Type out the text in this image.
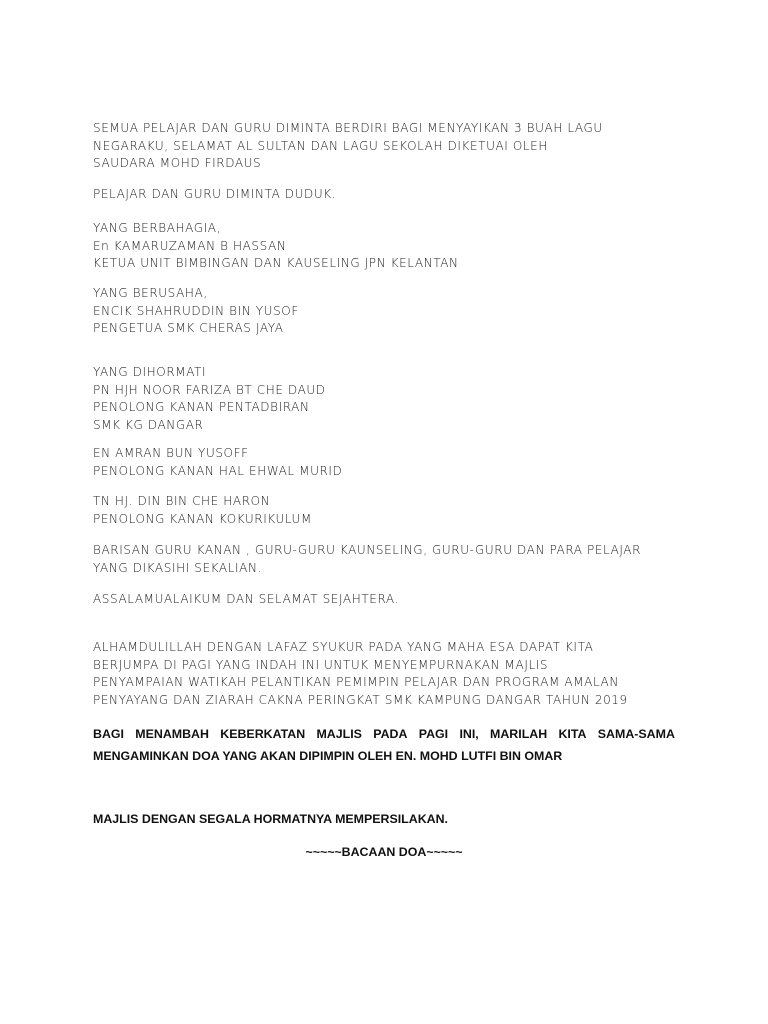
SEMUA PELAJAR DAN GURU DIMINTA BERDIRI BAGI MENYAYIKAN 3 BUAH LAGU
NEGARAKU, SELAMAT AL SULTAN DAN LAGU SEKOLAH DIKETUAI OLEH
SAUDARA MOHD FIRDAUS
PELAJAR DAN GURU DIMINTA DUDUK.
YANG BERBAHAGIA,
En KAMARUZAMAN B HASSAN
KETUA UNIT BIMBINGAN DAN KAUSELING JPN KELANTAN
YANG BERUSAHA,
ENCIK SHAHRUDDIN BIN YUSOF
PENGETUA SMK CHERAS JAYA
YANG DIHORMATI
PN HJH NOOR FARIZA BT CHE DAUD
PENOLONG KANAN PENTADBIRAN
SMK KG DANGAR
EN AMRAN BUN YUSOFF
PENOLONG KANAN HAL EHWAL MURID
TN HJ. DIN BIN CHE HARON
PENOLONG KANAN KOKURIKULUM
BARISAN GURU KANAN , GURU-GURU KAUNSELING, GURU-GURU DAN PARA PELAJAR
YANG DIKASIHI SEKALIAN.
ASSALAMUALAIKUM DAN SELAMAT SEJAHTERA.
ALHAMDULILLAH DENGAN LAFAZ SYUKUR PADA YANG MAHA ESA DAPAT KITA
BERJUMPA DI PAGI YANG INDAH INI UNTUK MENYEMPURNAKAN MAJLIS
PENYAMPAIAN WATIKAH PELANTIKAN PEMIMPIN PELAJAR DAN PROGRAM AMALAN
PENYAYANG DAN ZIARAH CAKNA PERINGKAT SMK KAMPUNG DANGAR TAHUN 2019
BAGI MENAMBAH KEBERKATAN MAJLIS PADA PAGI INI, MARILAH KITA SAMA-SAMA
MENGAMINKAN DOA YANG AKAN DIPIMPIN OLEH EN. MOHD LUTFI BIN OMAR
MAJLIS DENGAN SEGALA HORMATNYA MEMPERSILAKAN.
~~~~~BACAAN DOA~~~~~
